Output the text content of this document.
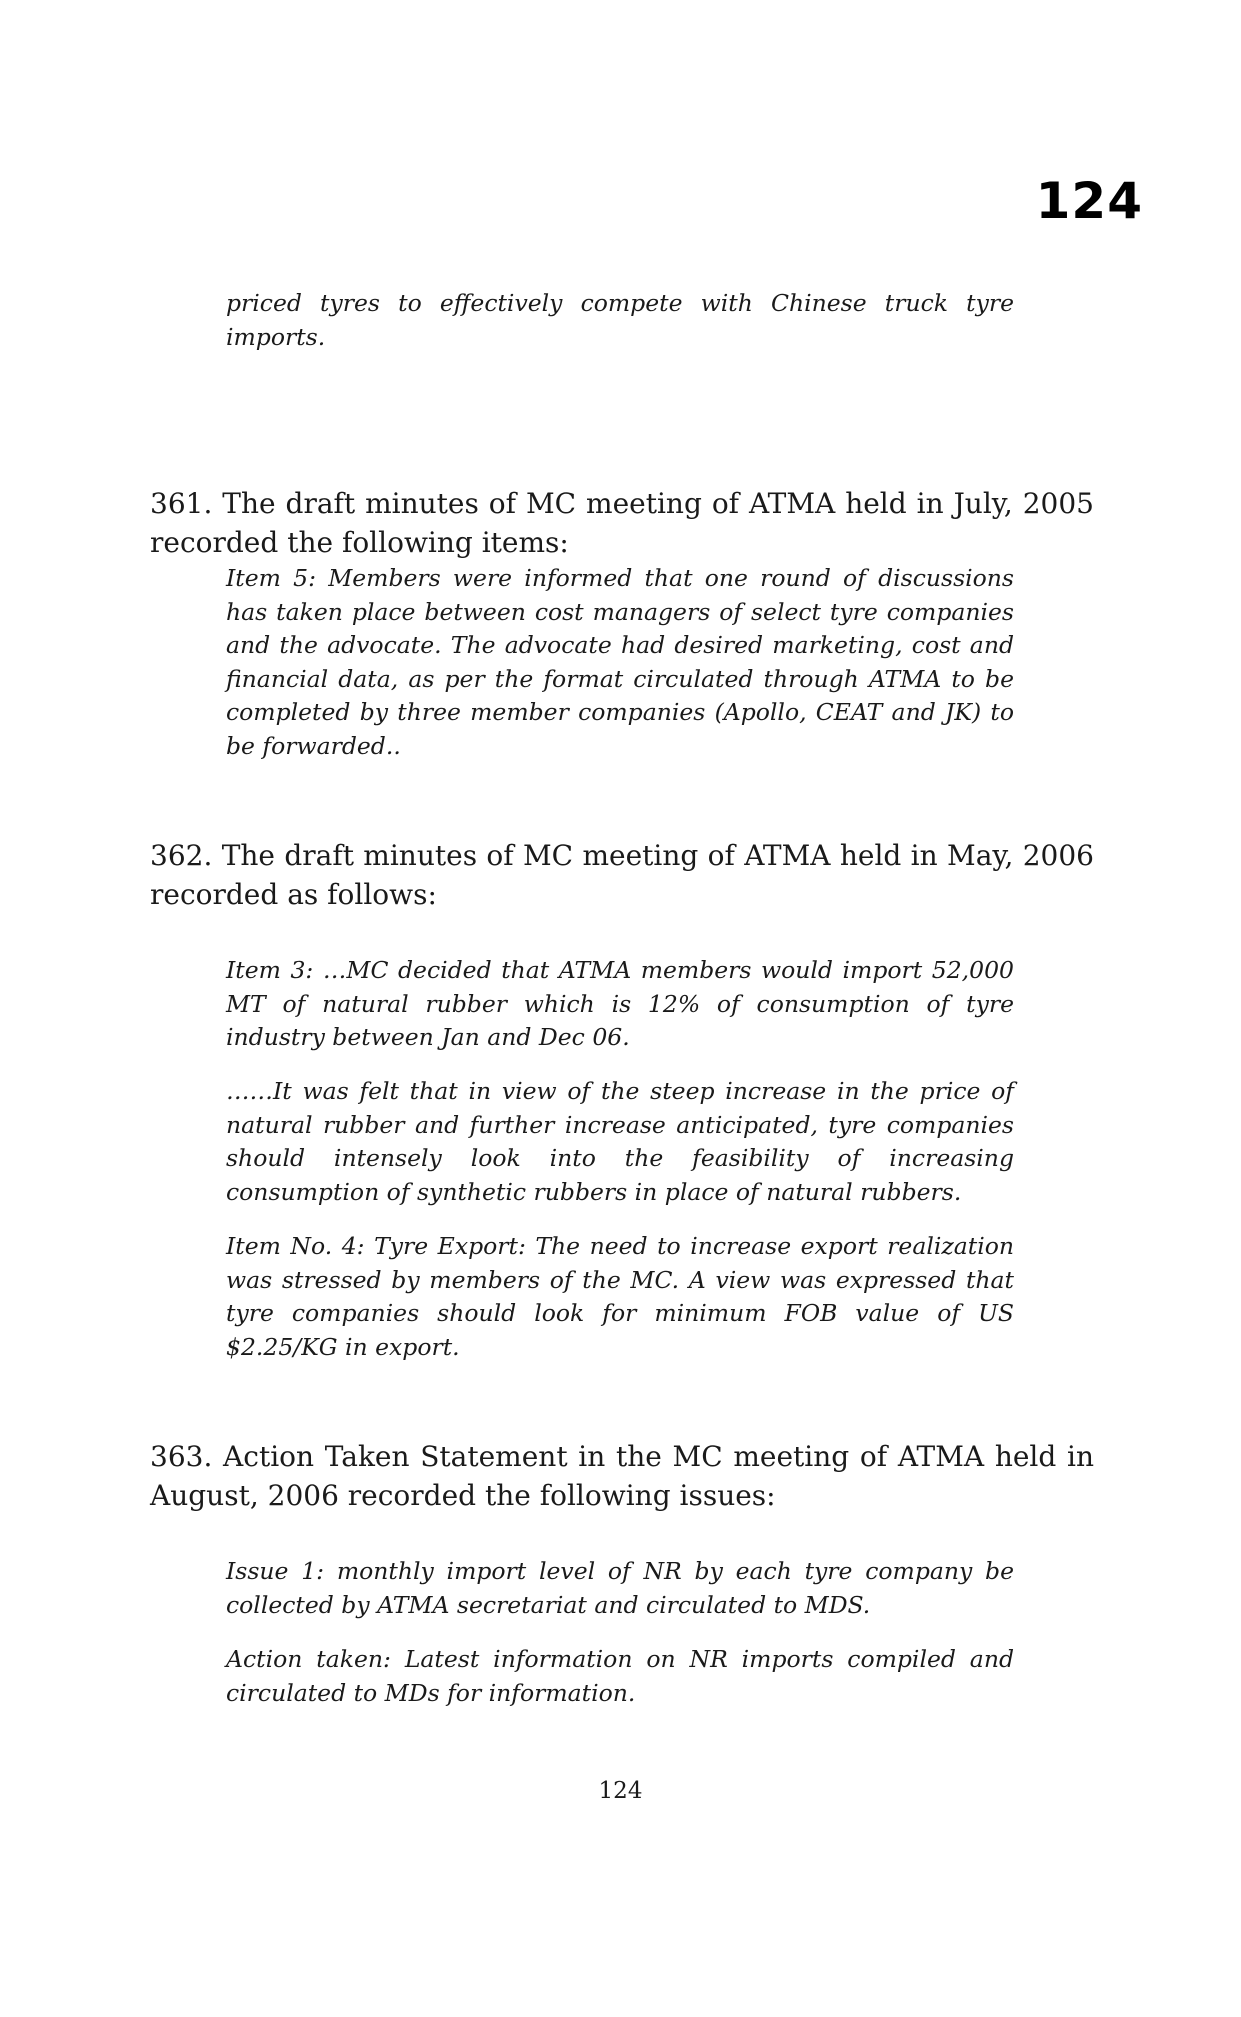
124

priced tyres to effectively compete with Chinese truck tyre imports.

361. The draft minutes of MC meeting of ATMA held in July, 2005 recorded the following items:

Item 5: Members were informed that one round of discussions has taken place between cost managers of select tyre companies and the advocate. The advocate had desired marketing, cost and financial data, as per the format circulated through ATMA to be completed by three member companies (Apollo, CEAT and JK) to be forwarded..

362. The draft minutes of MC meeting of ATMA held in May, 2006 recorded as follows:

Item 3: …MC decided that ATMA members would import 52,000 MT of natural rubber which is 12% of consumption of tyre industry between Jan and Dec 06.

……It was felt that in view of the steep increase in the price of natural rubber and further increase anticipated, tyre companies should intensely look into the feasibility of increasing consumption of synthetic rubbers in place of natural rubbers.

Item No. 4: Tyre Export: The need to increase export realization was stressed by members of the MC. A view was expressed that tyre companies should look for minimum FOB value of US $2.25/KG in export.

363. Action Taken Statement in the MC meeting of ATMA held in August, 2006 recorded the following issues:

Issue 1: monthly import level of NR by each tyre company be collected by ATMA secretariat and circulated to MDS.

Action taken: Latest information on NR imports compiled and circulated to MDs for information.

124
